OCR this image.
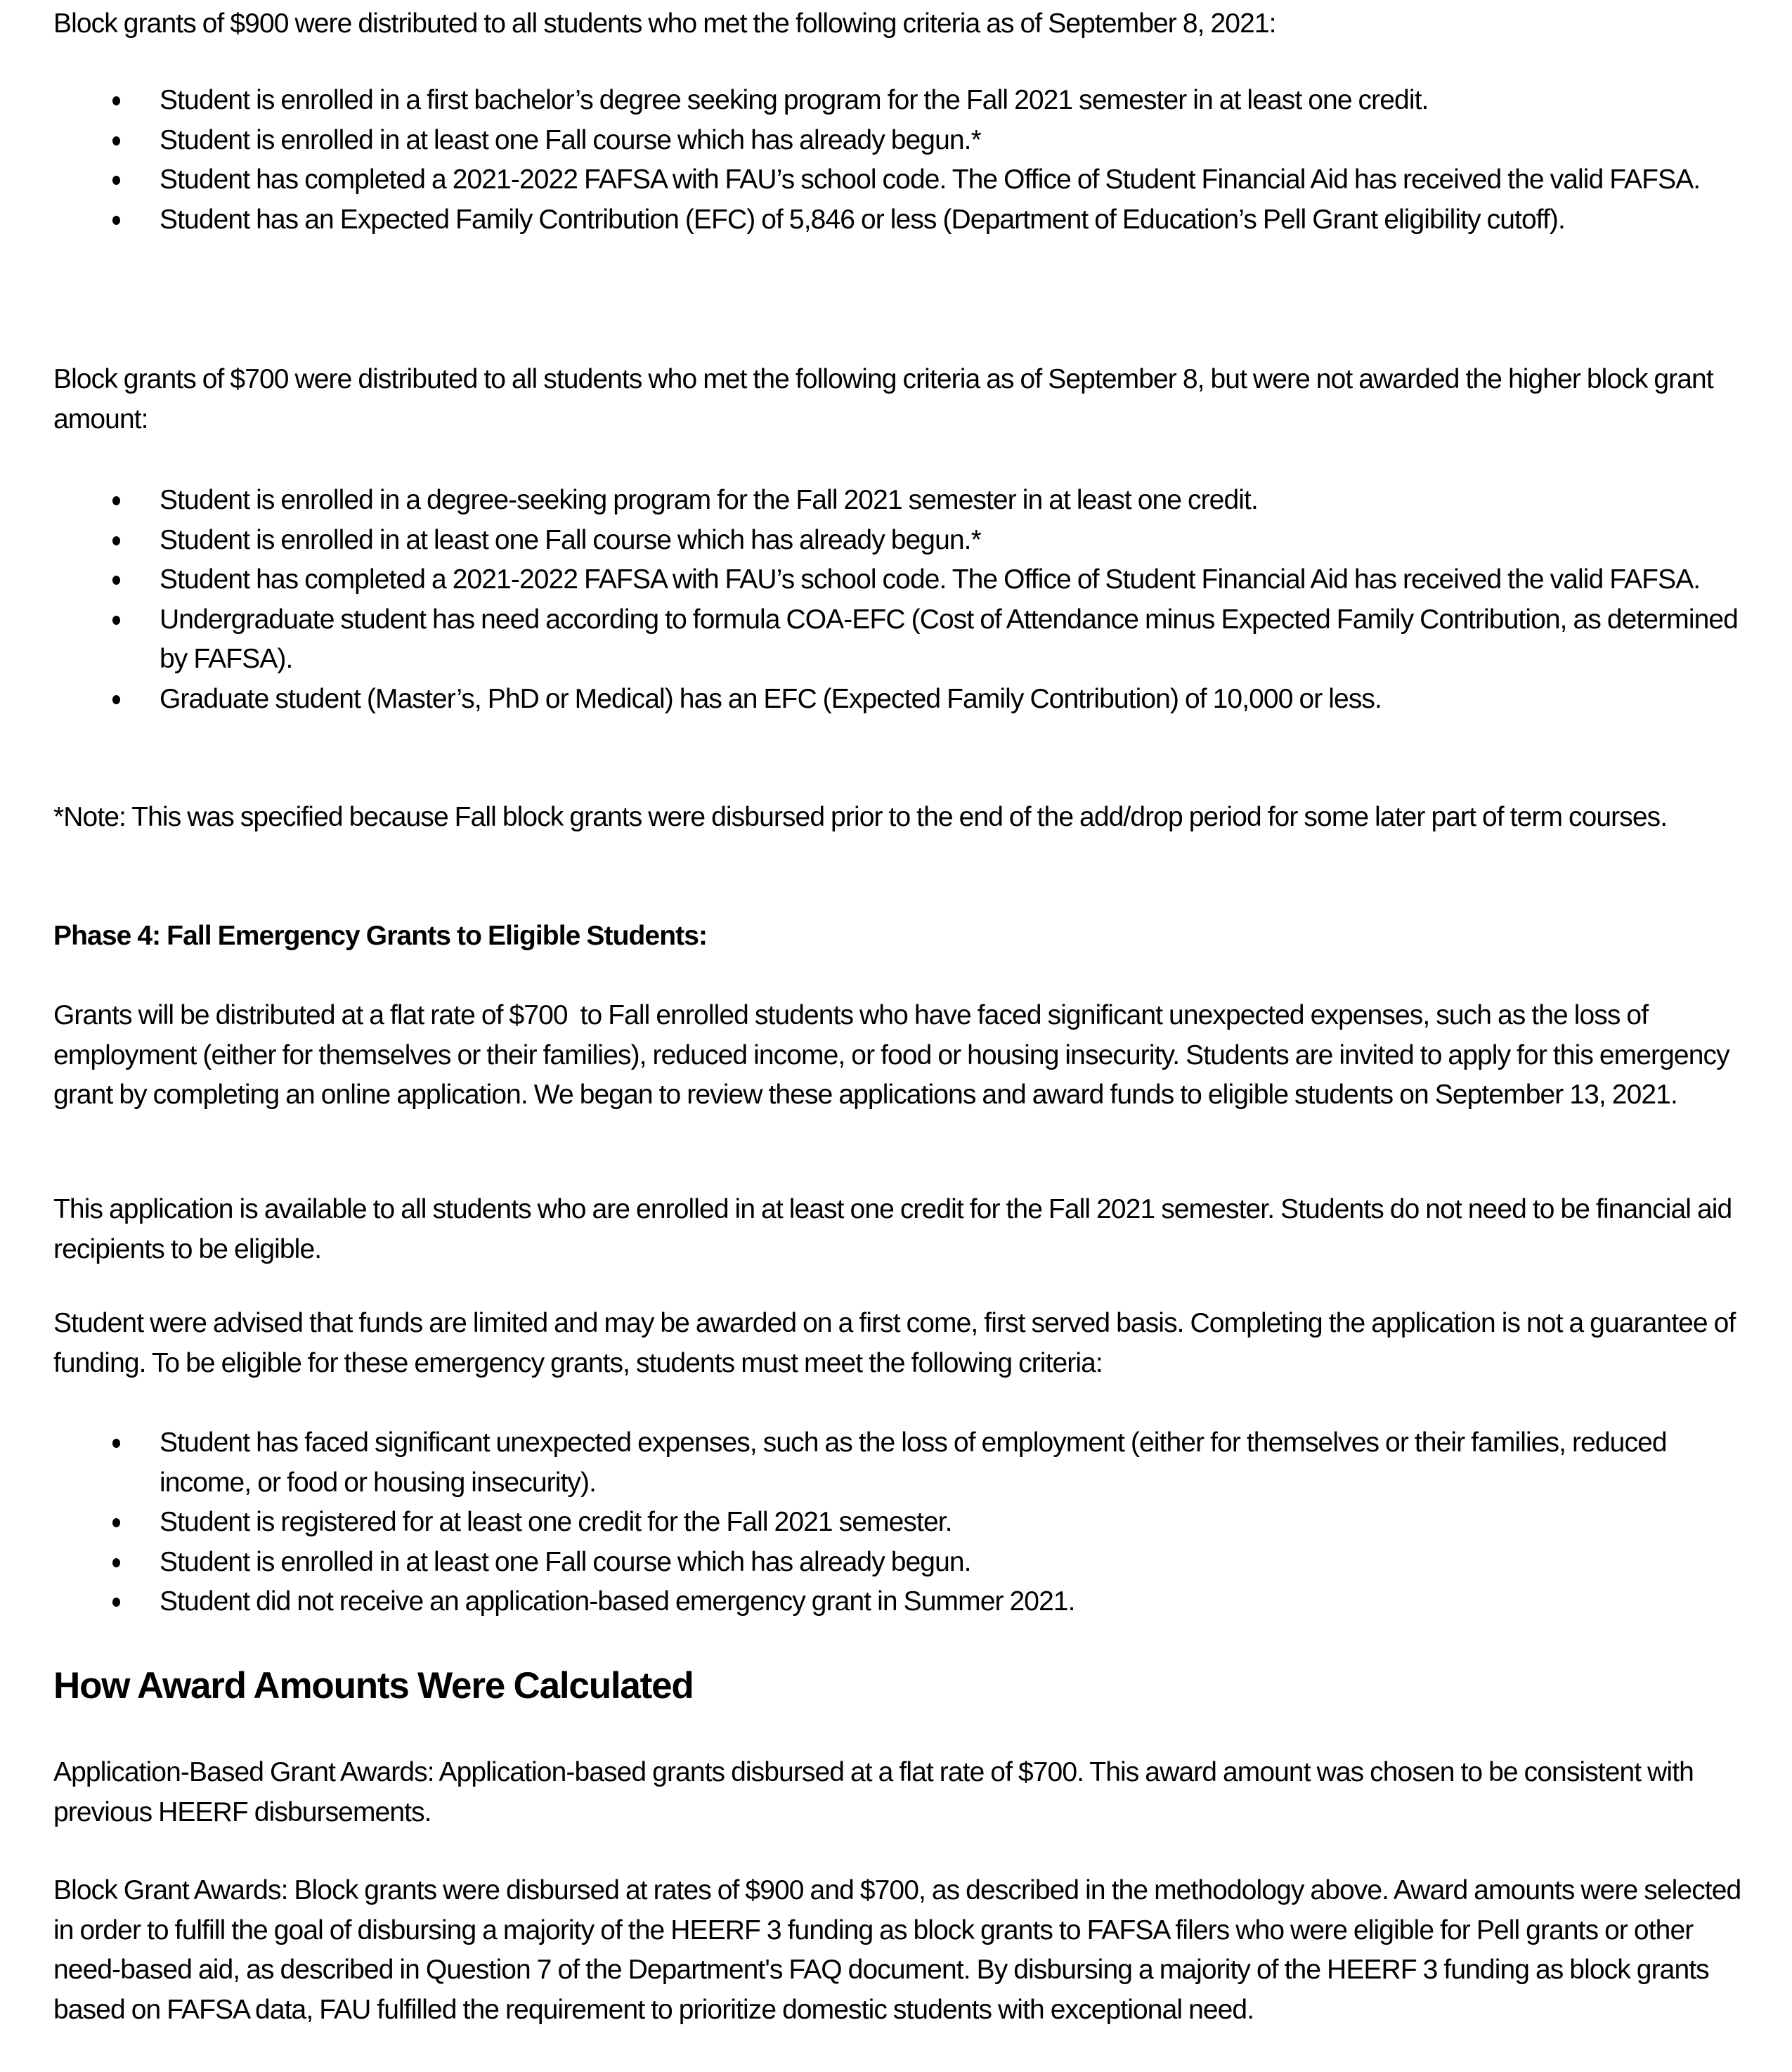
Block grants of $900 were distributed to all students who met the following criteria as of September 8, 2021:

Student is enrolled in a first bachelor’s degree seeking program for the Fall 2021 semester in at least one credit.
Student is enrolled in at least one Fall course which has already begun.*
Student has completed a 2021-2022 FAFSA with FAU’s school code. The Office of Student Financial Aid has received the valid FAFSA.
Student has an Expected Family Contribution (EFC) of 5,846 or less (Department of Education’s Pell Grant eligibility cutoff).

Block grants of $700 were distributed to all students who met the following criteria as of September 8, but were not awarded the higher block grant amount:

Student is enrolled in a degree-seeking program for the Fall 2021 semester in at least one credit.
Student is enrolled in at least one Fall course which has already begun.*
Student has completed a 2021-2022 FAFSA with FAU’s school code. The Office of Student Financial Aid has received the valid FAFSA.
Undergraduate student has need according to formula COA-EFC (Cost of Attendance minus Expected Family Contribution, as determined by FAFSA).
Graduate student (Master’s, PhD or Medical) has an EFC (Expected Family Contribution) of 10,000 or less.

*Note: This was specified because Fall block grants were disbursed prior to the end of the add/drop period for some later part of term courses.

Phase 4: Fall Emergency Grants to Eligible Students:

Grants will be distributed at a flat rate of $700  to Fall enrolled students who have faced significant unexpected expenses, such as the loss of employment (either for themselves or their families), reduced income, or food or housing insecurity. Students are invited to apply for this emergency grant by completing an online application. We began to review these applications and award funds to eligible students on September 13, 2021.

This application is available to all students who are enrolled in at least one credit for the Fall 2021 semester. Students do not need to be financial aid recipients to be eligible.

Student were advised that funds are limited and may be awarded on a first come, first served basis. Completing the application is not a guarantee of funding. To be eligible for these emergency grants, students must meet the following criteria:

Student has faced significant unexpected expenses, such as the loss of employment (either for themselves or their families, reduced income, or food or housing insecurity).
Student is registered for at least one credit for the Fall 2021 semester.
Student is enrolled in at least one Fall course which has already begun.
Student did not receive an application-based emergency grant in Summer 2021.
How Award Amounts Were Calculated

Application-Based Grant Awards: Application-based grants disbursed at a flat rate of $700. This award amount was chosen to be consistent with previous HEERF disbursements.

Block Grant Awards: Block grants were disbursed at rates of $900 and $700, as described in the methodology above. Award amounts were selected in order to fulfill the goal of disbursing a majority of the HEERF 3 funding as block grants to FAFSA filers who were eligible for Pell grants or other need-based aid, as described in Question 7 of the Department's FAQ document. By disbursing a majority of the HEERF 3 funding as block grants based on FAFSA data, FAU fulfilled the requirement to prioritize domestic students with exceptional need.
